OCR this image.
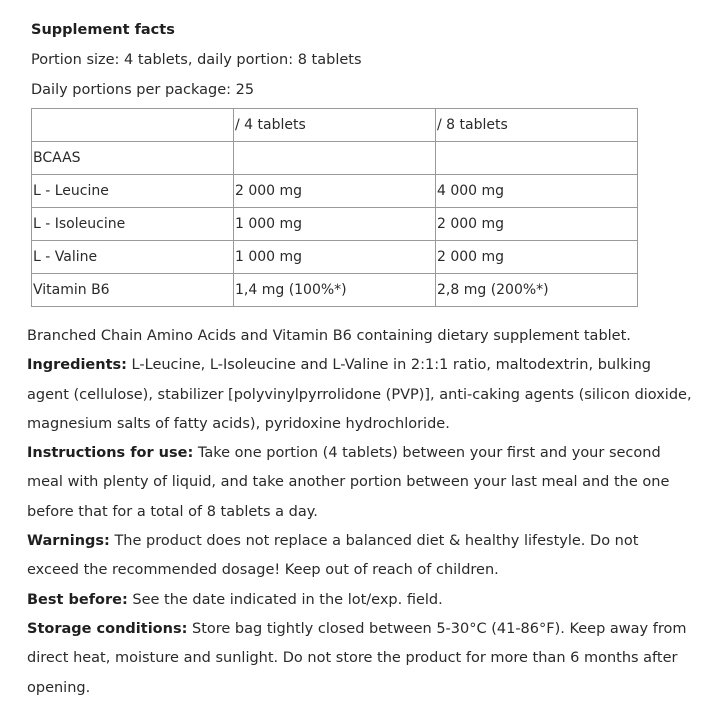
Supplement facts
Portion size: 4 tablets, daily portion: 8 tablets
Daily portions per package: 25
	/ 4 tablets	/ 8 tablets
BCAAS		
L - Leucine	2 000 mg	4 000 mg
L - Isoleucine	1 000 mg	2 000 mg
L - Valine	1 000 mg	2 000 mg
Vitamin B6	1,4 mg (100%*)	2,8 mg (200%*)

Branched Chain Amino Acids and Vitamin B6 containing dietary supplement tablet.

Ingredients: L-Leucine, L-Isoleucine and L-Valine in 2:1:1 ratio, maltodextrin, bulking agent (cellulose), stabilizer [polyvinylpyrrolidone (PVP)], anti-caking agents (silicon dioxide, magnesium salts of fatty acids), pyridoxine hydrochloride.

Instructions for use: Take one portion (4 tablets) between your first and your second meal with plenty of liquid, and take another portion between your last meal and the one before that for a total of 8 tablets a day.

Warnings: The product does not replace a balanced diet & healthy lifestyle. Do not exceed the recommended dosage! Keep out of reach of children.

Best before: See the date indicated in the lot/exp. field.

Storage conditions: Store bag tightly closed between 5-30°C (41-86°F). Keep away from direct heat, moisture and sunlight. Do not store the product for more than 6 months after opening.
